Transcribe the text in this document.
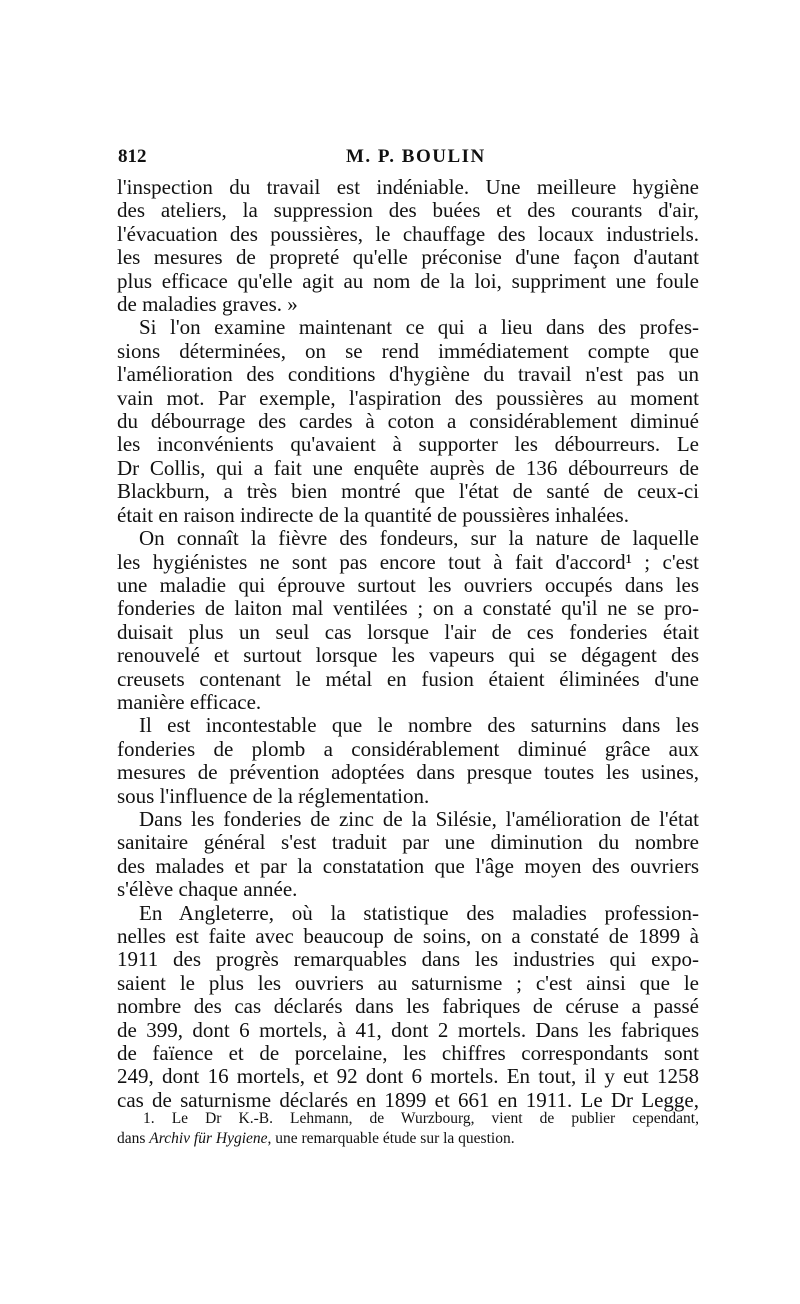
812	M. P. BOULIN
l'inspection du travail est indéniable. Une meilleure hygiène
des ateliers, la suppression des buées et des courants d'air,
l'évacuation des poussières, le chauffage des locaux industriels.
les mesures de propreté qu'elle préconise d'une façon d'autant
plus efficace qu'elle agit au nom de la loi, suppriment une foule
de maladies graves. »
Si l'on examine maintenant ce qui a lieu dans des profes-
sions déterminées, on se rend immédiatement compte que
l'amélioration des conditions d'hygiène du travail n'est pas un
vain mot. Par exemple, l'aspiration des poussières au moment
du débourrage des cardes à coton a considérablement diminué
les inconvénients qu'avaient à supporter les débourreurs. Le
Dr Collis, qui a fait une enquête auprès de 136 débourreurs de
Blackburn, a très bien montré que l'état de santé de ceux-ci
était en raison indirecte de la quantité de poussières inhalées.
On connaît la fièvre des fondeurs, sur la nature de laquelle
les hygiénistes ne sont pas encore tout à fait d'accord¹ ; c'est
une maladie qui éprouve surtout les ouvriers occupés dans les
fonderies de laiton mal ventilées ; on a constaté qu'il ne se pro-
duisait plus un seul cas lorsque l'air de ces fonderies était
renouvelé et surtout lorsque les vapeurs qui se dégagent des
creusets contenant le métal en fusion étaient éliminées d'une
manière efficace.
Il est incontestable que le nombre des saturnins dans les
fonderies de plomb a considérablement diminué grâce aux
mesures de prévention adoptées dans presque toutes les usines,
sous l'influence de la réglementation.
Dans les fonderies de zinc de la Silésie, l'amélioration de l'état
sanitaire général s'est traduit par une diminution du nombre
des malades et par la constatation que l'âge moyen des ouvriers
s'élève chaque année.
En Angleterre, où la statistique des maladies profession-
nelles est faite avec beaucoup de soins, on a constaté de 1899 à
1911 des progrès remarquables dans les industries qui expo-
saient le plus les ouvriers au saturnisme ; c'est ainsi que le
nombre des cas déclarés dans les fabriques de céruse a passé
de 399, dont 6 mortels, à 41, dont 2 mortels. Dans les fabriques
de faïence et de porcelaine, les chiffres correspondants sont
249, dont 16 mortels, et 92 dont 6 mortels. En tout, il y eut 1258
cas de saturnisme déclarés en 1899 et 661 en 1911. Le Dr Legge,
1. Le Dr K.-B. Lehmann, de Wurzbourg, vient de publier cependant,
dans Archiv für Hygiene, une remarquable étude sur la question.
